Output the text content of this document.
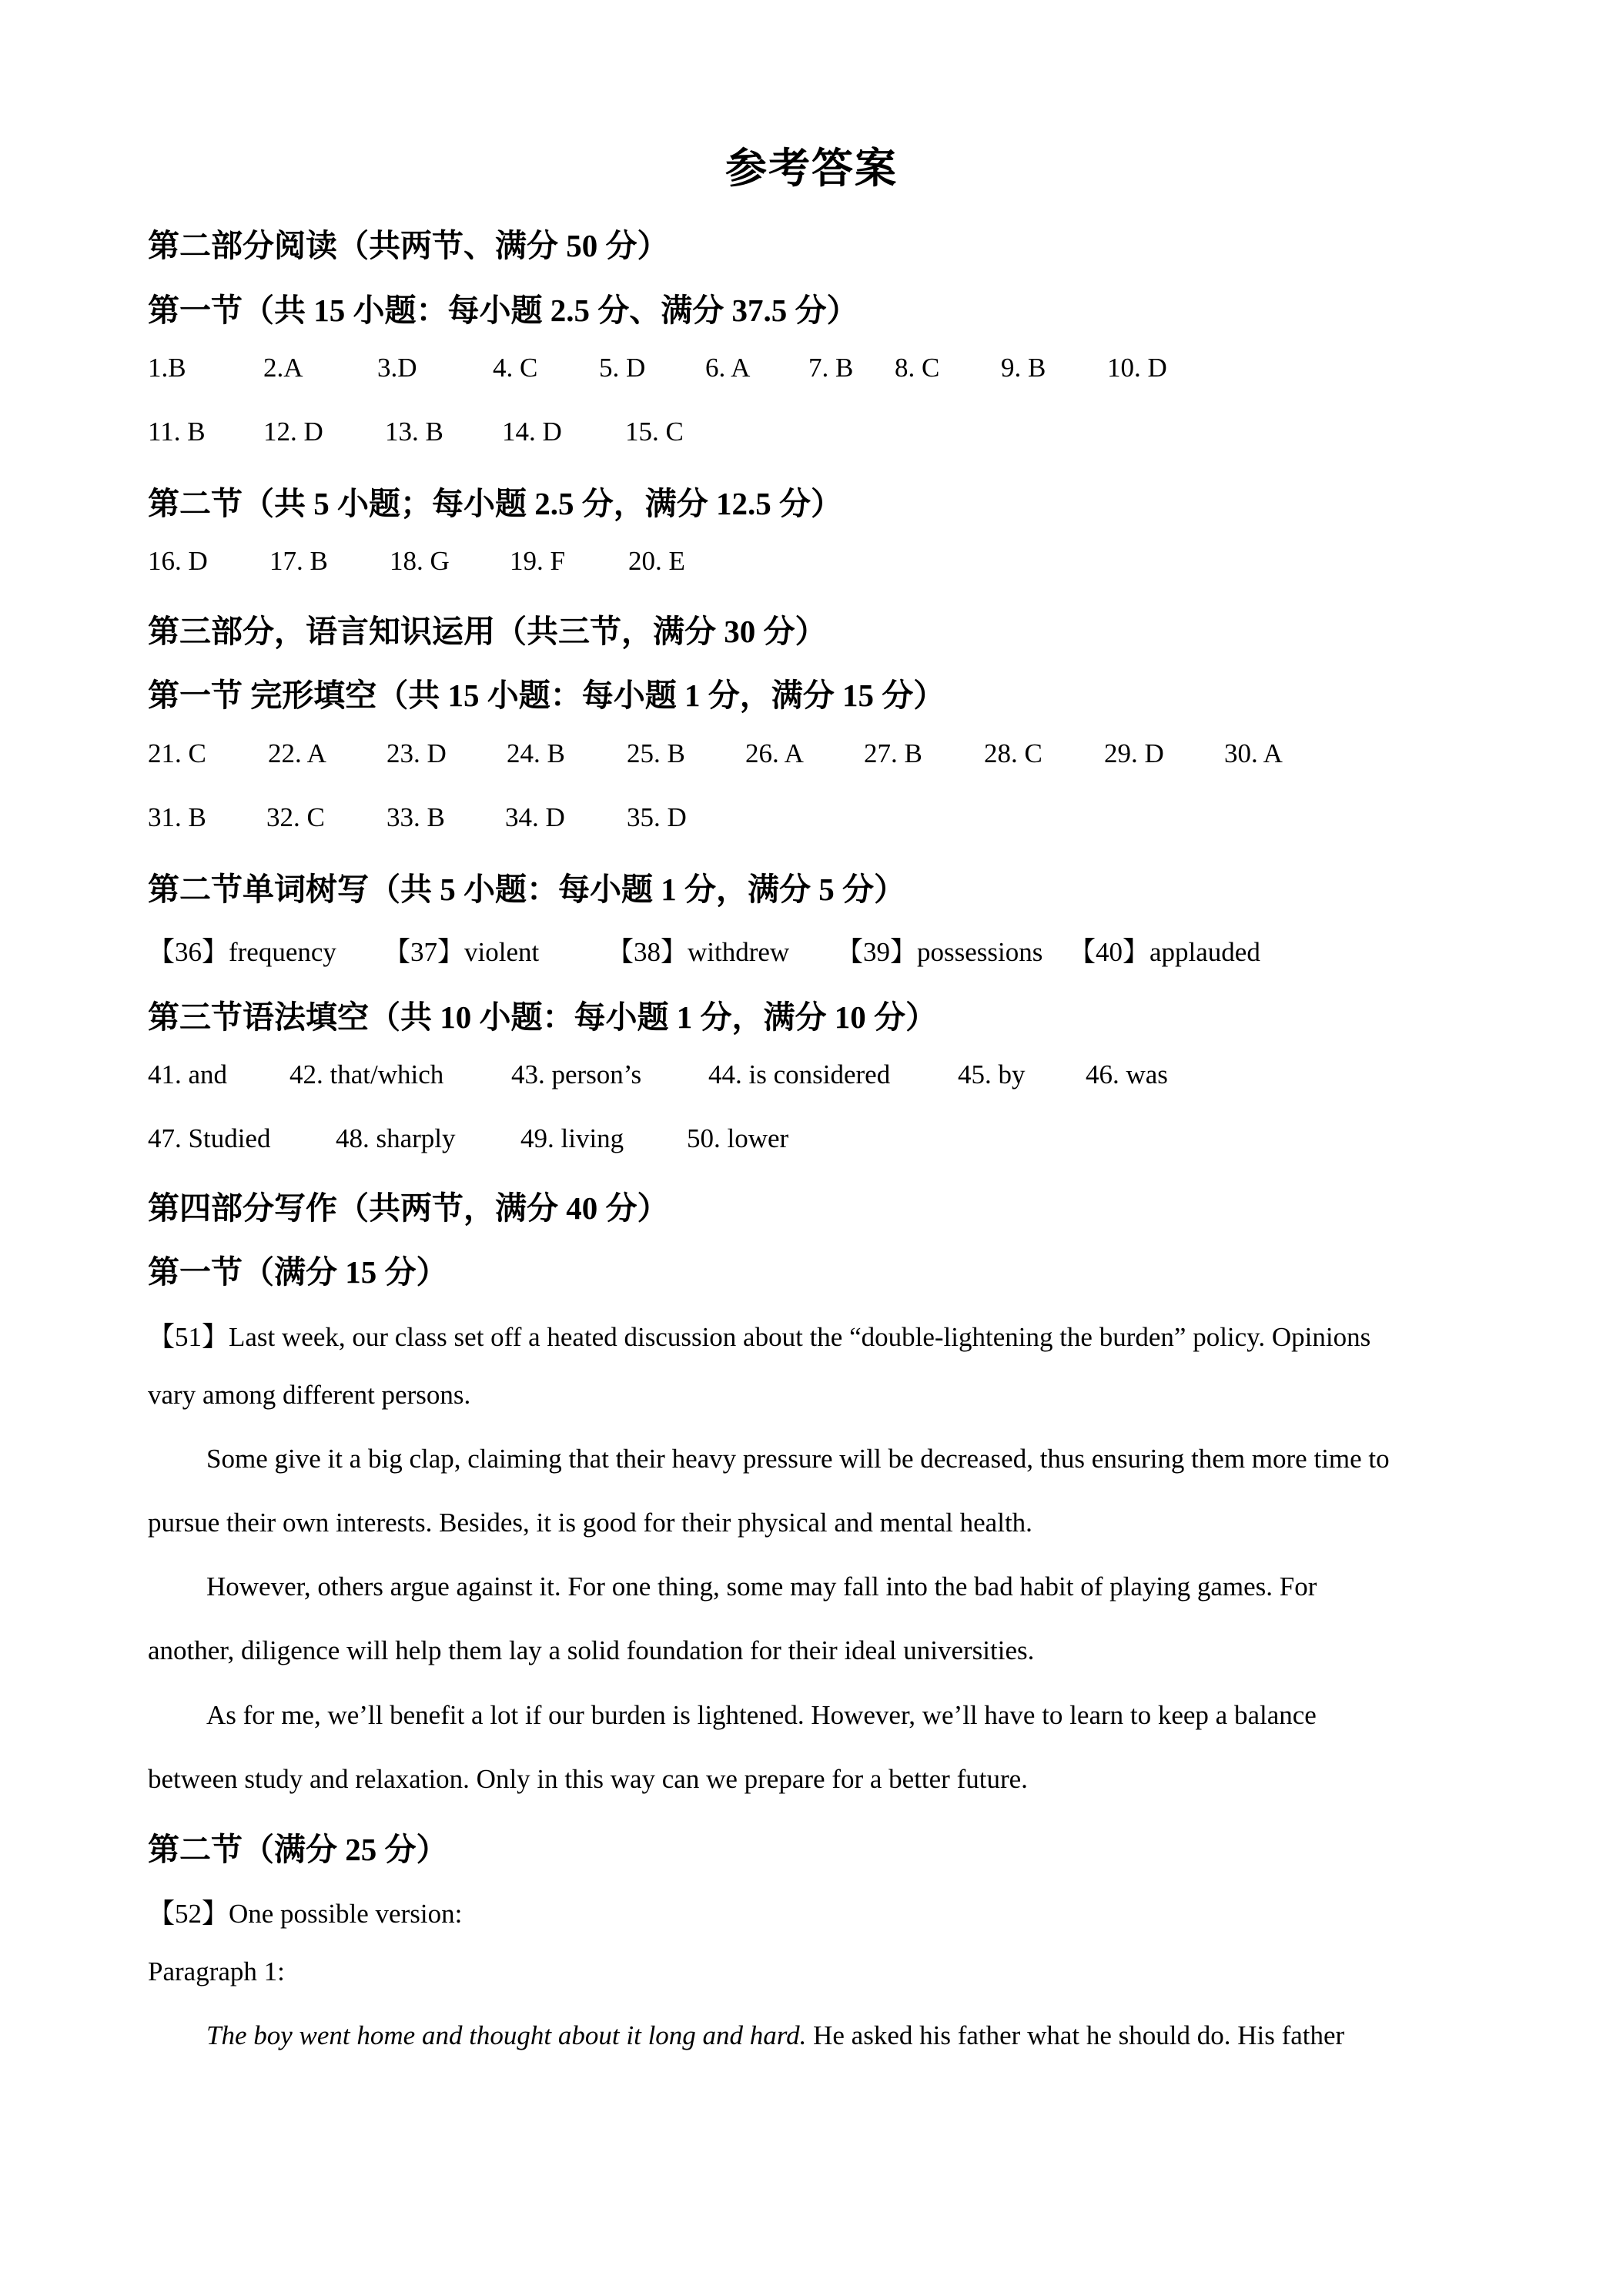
参考答案
第二部分阅读（共两节、满分 50 分）
第一节（共 15 小题：每小题 2.5 分、满分 37.5 分）
1.B	2.A	3.D	4. C 5. D 6. A 7. B 8. C 9. B 10. D
11. B 12. D 13. B 14. D 15. C
第二节（共 5 小题；每小题 2.5 分，满分 12.5 分）
16. D 17. B 18. G 19. F 20. E
第三部分，语言知识运用（共三节，满分 30 分）
第一节 完形填空（共 15 小题：每小题 1 分，满分 15 分）
21. C 22. A 23. D 24. B 25. B 26. A 27. B 28. C 29. D 30. A
31. B 32. C 33. B 34. D 35. D
第二节单词树写（共 5 小题：每小题 1 分，满分 5 分）
【36】frequency 【37】violent	【38】withdrew 【39】possessions 【40】applauded
第三节语法填空（共 10 小题：每小题 1 分，满分 10 分）
41. and 42. that/which	43. person’s 44. is considered	45. by 46. was
47. Studied 48. sharply 49. living 50. lower
第四部分写作（共两节，满分 40 分）
第一节（满分 15 分）
【51】Last week, our class set off a heated discussion about the “double-lightening the burden” policy. Opinions
vary among different persons.
Some give it a big clap, claiming that their heavy pressure will be decreased, thus ensuring them more time to
pursue their own interests. Besides, it is good for their physical and mental health.
However, others argue against it. For one thing, some may fall into the bad habit of playing games. For
another, diligence will help them lay a solid foundation for their ideal universities.
As for me, we’ll benefit a lot if our burden is lightened. However, we’ll have to learn to keep a balance
between study and relaxation. Only in this way can we prepare for a better future.
第二节（满分 25 分）
【52】One possible version:
Paragraph 1:
The boy went home and thought about it long and hard. He asked his father what he should do. His father
